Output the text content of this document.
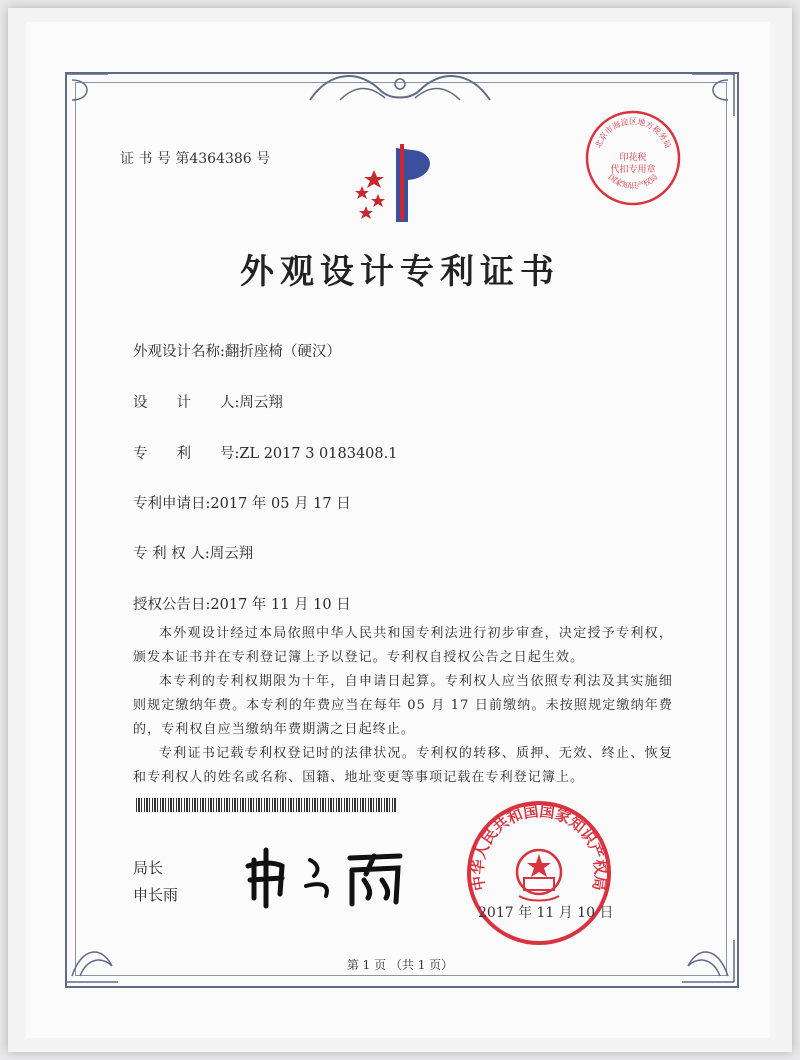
证 书 号 第4364386 号
北京市海淀区地方税务局
印花税
代扣专用章
国家知识产权局
外观设计专利证书
外观设计名称:翻折座椅（硬汉）
设　　计　　人:周云翔
专　　利　　号:ZL 2017 3 0183408.1
专利申请日:2017 年 05 月 17 日
专 利 权 人:周云翔
授权公告日:2017 年 11 月 10 日
本外观设计经过本局依照中华人民共和国专利法进行初步审查，决定授予专利权，颁发本证书并在专利登记簿上予以登记。专利权自授权公告之日起生效。
本专利的专利权期限为十年，自申请日起算。专利权人应当依照专利法及其实施细则规定缴纳年费。本专利的年费应当在每年 05 月 17 日前缴纳。未按照规定缴纳年费的，专利权自应当缴纳年费期满之日起终止。
专利证书记载专利权登记时的法律状况。专利权的转移、质押、无效、终止、恢复和专利权人的姓名或名称、国籍、地址变更等事项记载在专利登记簿上。
局长
申长雨
中华人民共和国国家知识产权局
2017 年 11 月 10 日
第 1 页 （共 1 页）
